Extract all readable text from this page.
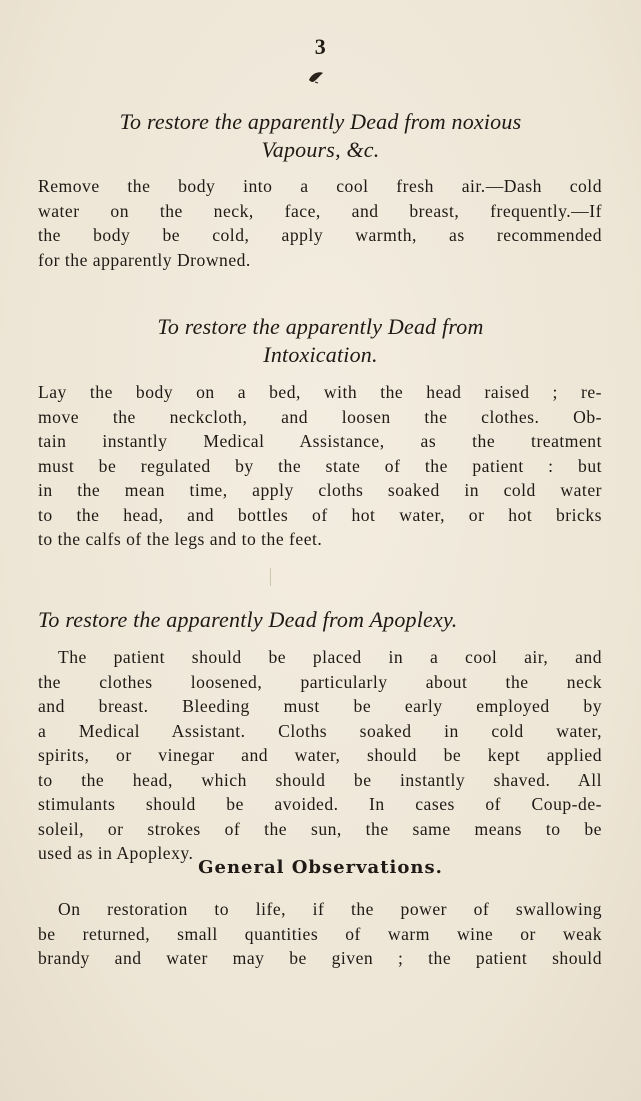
3
To restore the apparently Dead from noxious
Vapours, &c.
Remove the body into a cool fresh air.—Dash cold
water on the neck, face, and breast, frequently.—If
the body be cold, apply warmth, as recommended
for the apparently Drowned.
To restore the apparently Dead from
Intoxication.
Lay the body on a bed, with the head raised ; re-
move the neckcloth, and loosen the clothes. Ob-
tain instantly Medical Assistance, as the treatment
must be regulated by the state of the patient : but
in the mean time, apply cloths soaked in cold water
to the head, and bottles of hot water, or hot bricks
to the calfs of the legs and to the feet.
To restore the apparently Dead from Apoplexy.
The patient should be placed in a cool air, and
the clothes loosened, particularly about the neck
and breast. Bleeding must be early employed by
a Medical Assistant. Cloths soaked in cold water,
spirits, or vinegar and water, should be kept applied
to the head, which should be instantly shaved. All
stimulants should be avoided. In cases of Coup-de-
soleil, or strokes of the sun, the same means to be
used as in Apoplexy.
General Observations.
On restoration to life, if the power of swallowing
be returned, small quantities of warm wine or weak
brandy and water may be given ; the patient should
